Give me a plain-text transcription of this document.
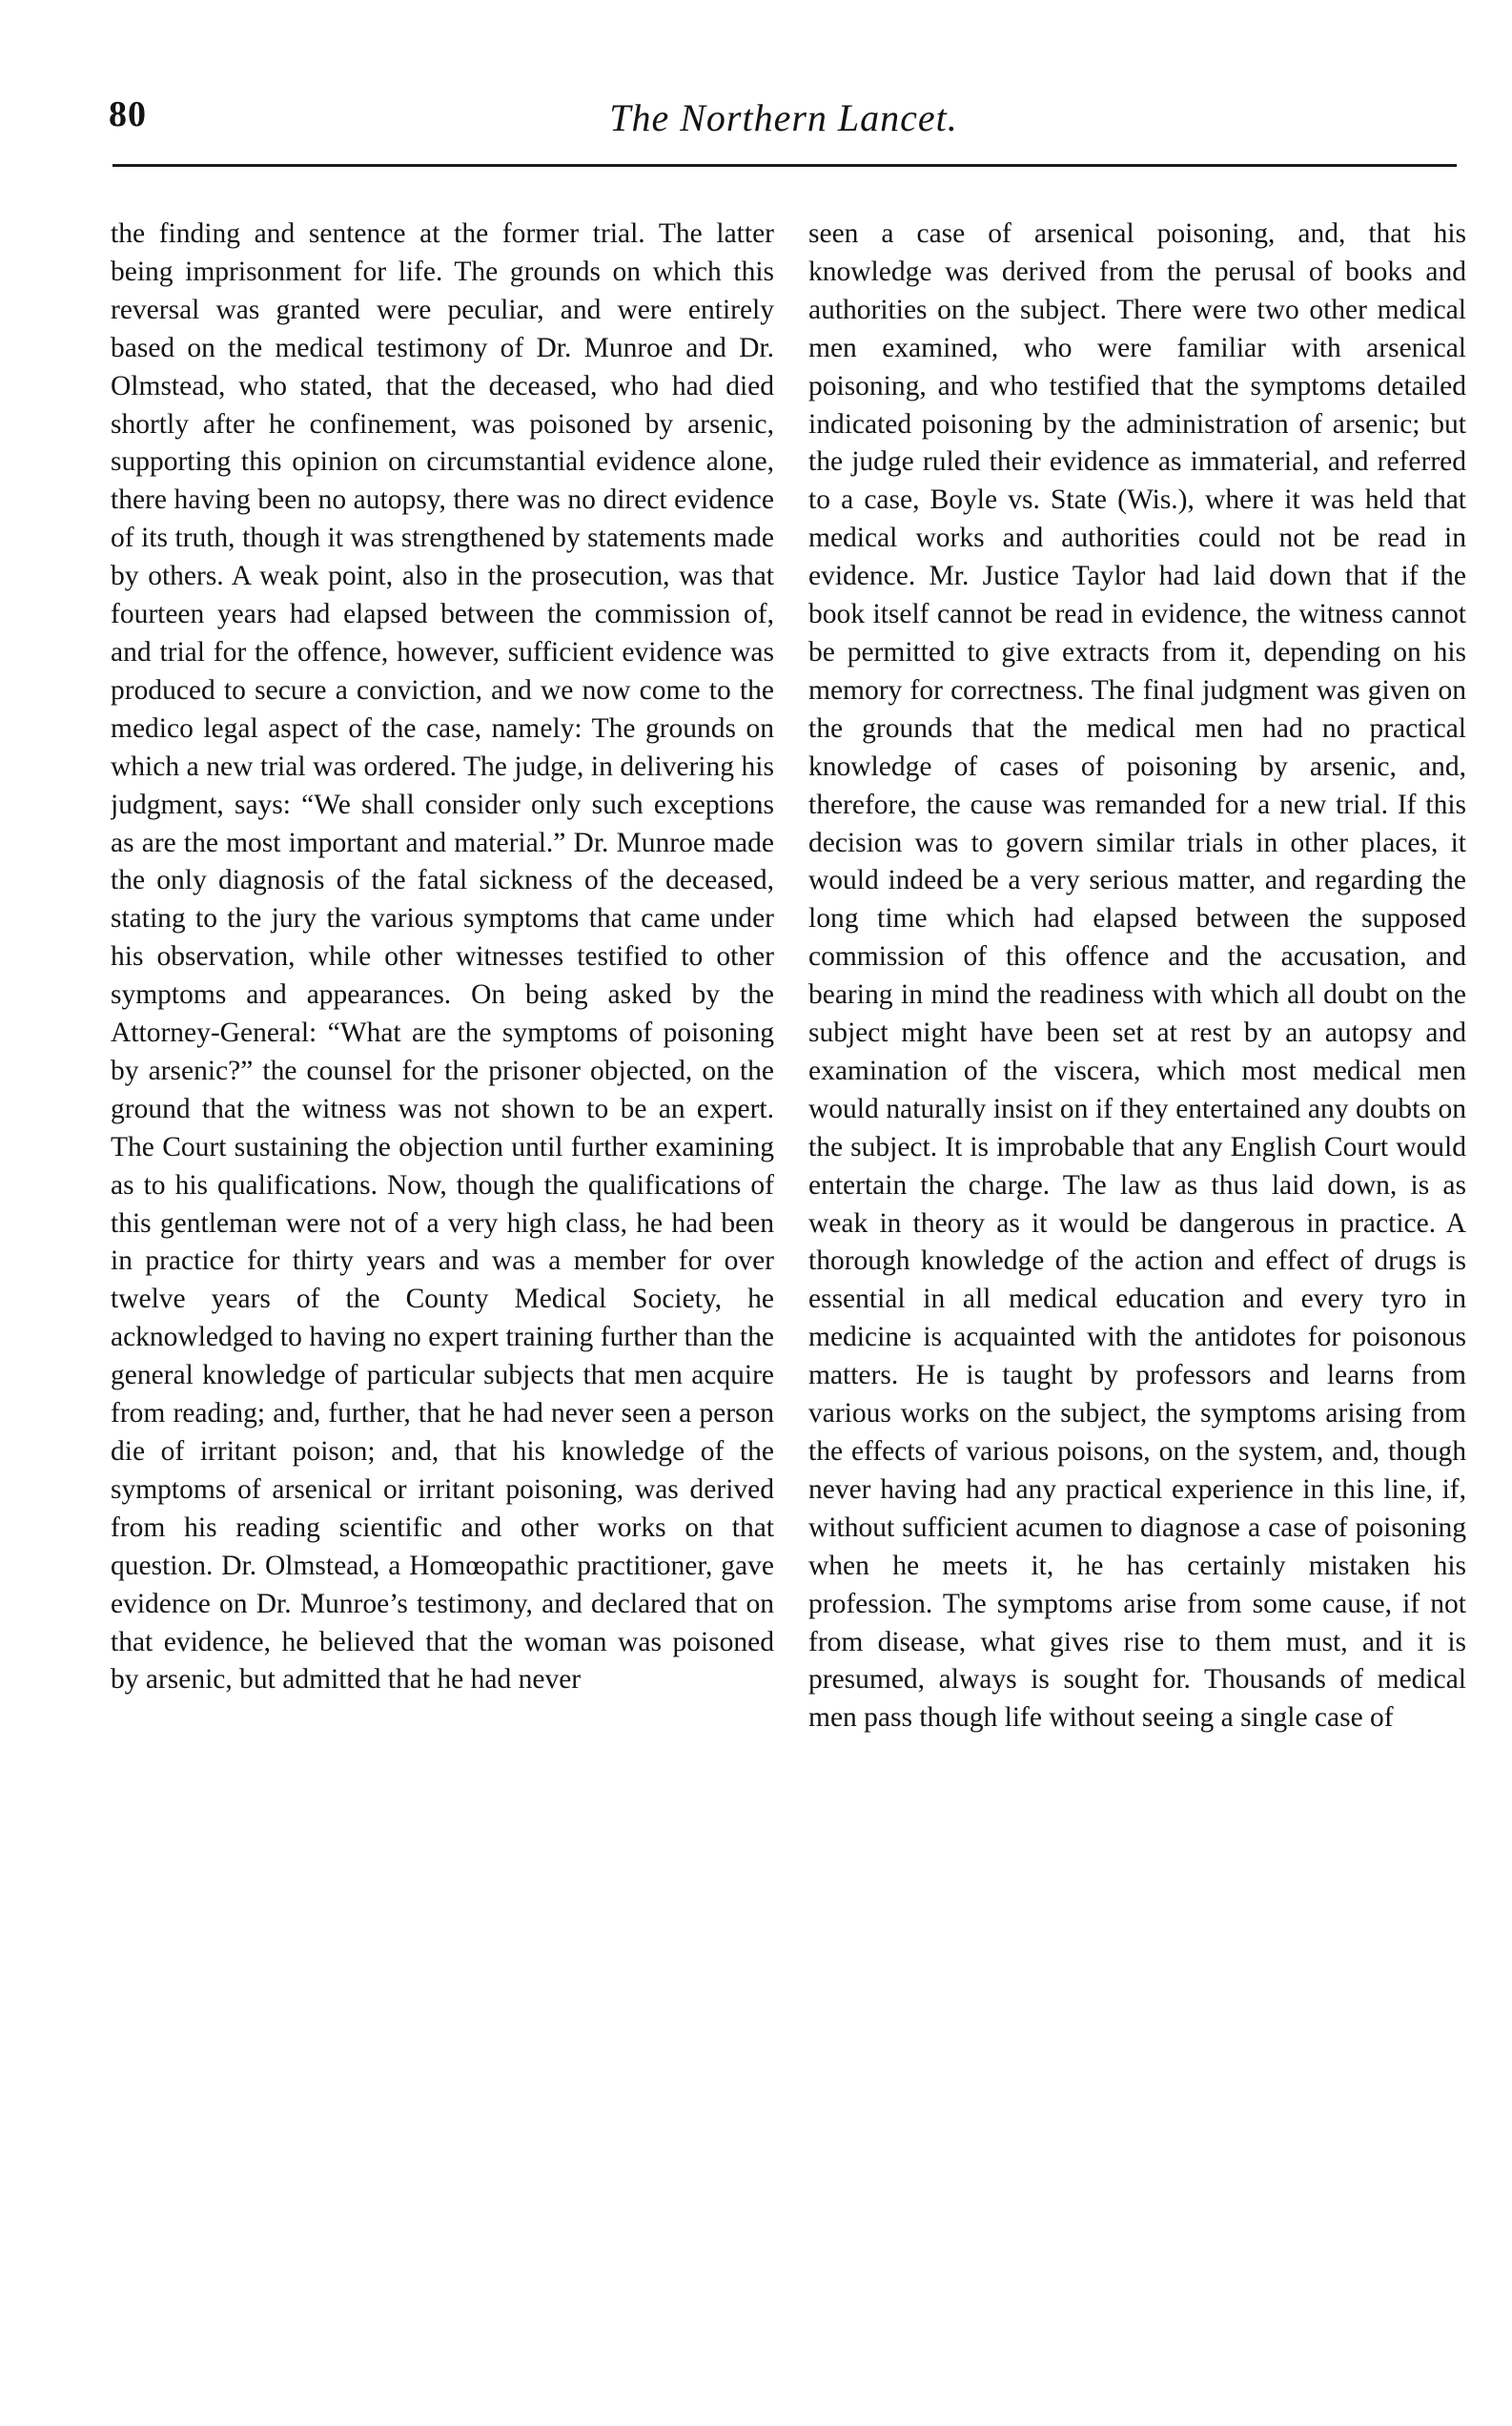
80	The Northern Lancet.

the finding and sentence at the former trial. The latter being imprisonment for life. The grounds on which this reversal was granted were peculiar, and were entirely based on the medical testimony of Dr. Munroe and Dr. Olmstead, who stated, that the deceased, who had died shortly after he confinement, was poisoned by arsenic, supporting this opinion on circumstantial evidence alone, there having been no autopsy, there was no direct evidence of its truth, though it was strengthened by statements made by others. A weak point, also in the prosecution, was that fourteen years had elapsed between the commission of, and trial for the offence, however, sufficient evidence was produced to secure a conviction, and we now come to the medico legal aspect of the case, namely: The grounds on which a new trial was ordered. The judge, in delivering his judgment, says: “We shall consider only such exceptions as are the most important and material.” Dr. Munroe made the only diagnosis of the fatal sickness of the deceased, stating to the jury the various symptoms that came under his observation, while other witnesses testified to other symptoms and appearances. On being asked by the Attorney-General: “What are the symptoms of poisoning by arsenic?” the counsel for the prisoner objected, on the ground that the witness was not shown to be an expert. The Court sustaining the objection until further examining as to his qualifications. Now, though the qualifications of this gentleman were not of a very high class, he had been in practice for thirty years and was a member for over twelve years of the County Medical Society, he acknowledged to having no expert training further than the general knowledge of particular subjects that men acquire from reading; and, further, that he had never seen a person die of irritant poison; and, that his knowledge of the symptoms of arsenical or irritant poisoning, was derived from his reading scientific and other works on that question. Dr. Olmstead, a Homœopathic practitioner, gave evidence on Dr. Munroe’s testimony, and declared that on that evidence, he believed that the woman was poisoned by arsenic, but admitted that he had never

seen a case of arsenical poisoning, and, that his knowledge was derived from the perusal of books and authorities on the subject. There were two other medical men examined, who were familiar with arsenical poisoning, and who testified that the symptoms detailed indicated poisoning by the administration of arsenic; but the judge ruled their evidence as immaterial, and referred to a case, Boyle vs. State (Wis.), where it was held that medical works and authorities could not be read in evidence. Mr. Justice Taylor had laid down that if the book itself cannot be read in evidence, the witness cannot be permitted to give extracts from it, depending on his memory for correctness. The final judgment was given on the grounds that the medical men had no practical knowledge of cases of poisoning by arsenic, and, therefore, the cause was remanded for a new trial. If this decision was to govern similar trials in other places, it would indeed be a very serious matter, and regarding the long time which had elapsed between the supposed commission of this offence and the accusation, and bearing in mind the readiness with which all doubt on the subject might have been set at rest by an autopsy and examination of the viscera, which most medical men would naturally insist on if they entertained any doubts on the subject. It is improbable that any English Court would entertain the charge. The law as thus laid down, is as weak in theory as it would be dangerous in practice. A thorough knowledge of the action and effect of drugs is essential in all medical education and every tyro in medicine is acquainted with the antidotes for poisonous matters. He is taught by professors and learns from various works on the subject, the symptoms arising from the effects of various poisons, on the system, and, though never having had any practical experience in this line, if, without sufficient acumen to diagnose a case of poisoning when he meets it, he has certainly mistaken his profession. The symptoms arise from some cause, if not from disease, what gives rise to them must, and it is presumed, always is sought for. Thousands of medical men pass though life without seeing a single case of
